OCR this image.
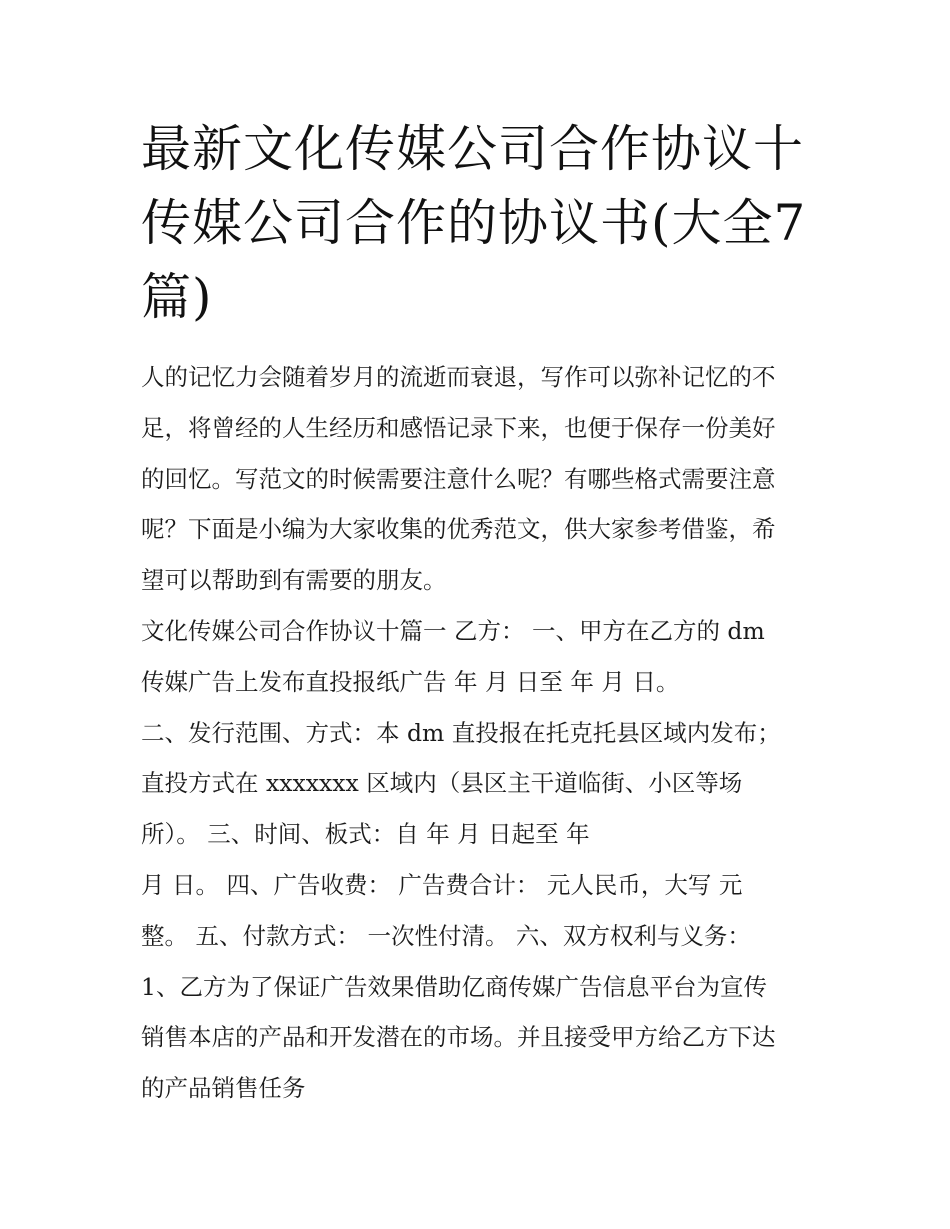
最新文化传媒公司合作协议十
传媒公司合作的协议书(大全7
篇)

人的记忆力会随着岁月的流逝而衰退，写作可以弥补记忆的不
足，将曾经的人生经历和感悟记录下来，也便于保存一份美好
的回忆。写范文的时候需要注意什么呢？有哪些格式需要注意
呢？下面是小编为大家收集的优秀范文，供大家参考借鉴，希
望可以帮助到有需要的朋友。

文化传媒公司合作协议十篇一 乙方： 一、甲方在乙方的 dm
传媒广告上发布直投报纸广告 年 月 日至 年 月 日。

二、发行范围、方式：本 dm 直投报在托克托县区域内发布；
直投方式在 xxxxxxx 区域内（县区主干道临街、小区等场
所）。 三、时间、板式：自 年 月 日起至 年
月 日。 四、广告收费： 广告费合计： 元人民币，大写 元
整。 五、付款方式： 一次性付清。 六、双方权利与义务：

1、乙方为了保证广告效果借助亿商传媒广告信息平台为宣传
销售本店的产品和开发潜在的市场。并且接受甲方给乙方下达
的产品销售任务
